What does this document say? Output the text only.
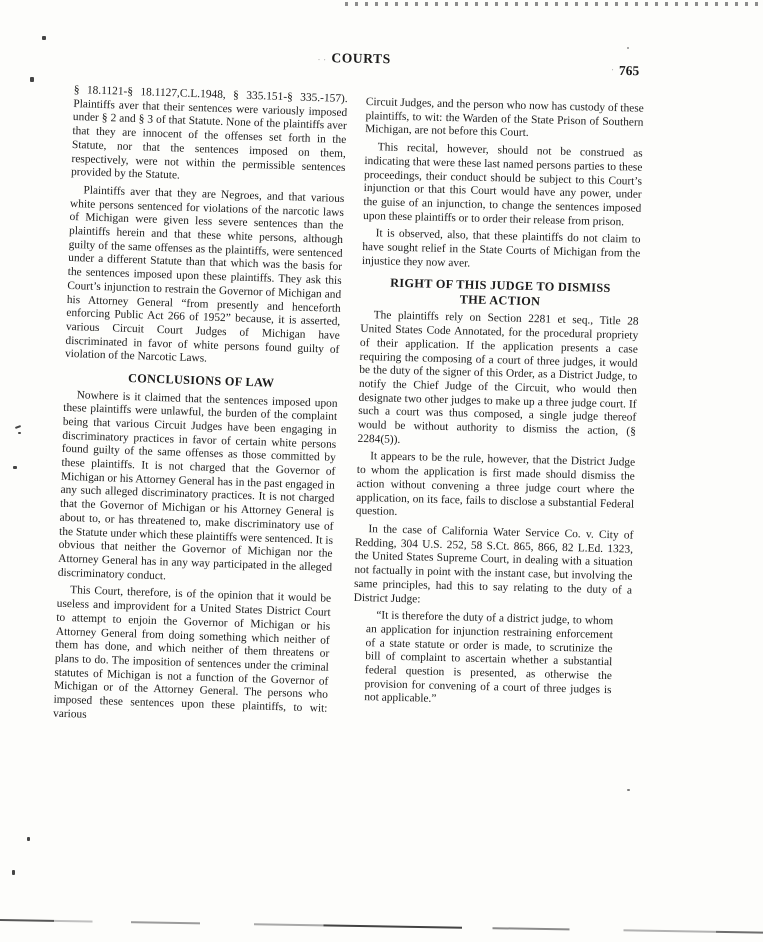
. . COURTS
· 765

§ 18.1121-§ 18.1127,C.L.1948, § 335.151-§ 335.-157). Plaintiffs aver that their sentences were variously imposed under § 2 and § 3 of that Statute. None of the plaintiffs aver that they are innocent of the offenses set forth in the Statute, nor that the sentences imposed on them, respectively, were not within the permissible sentences provided by the Statute.

Plaintiffs aver that they are Negroes, and that various white persons sentenced for violations of the narcotic laws of Michigan were given less severe sentences than the plaintiffs herein and that these white persons, although guilty of the same offenses as the plaintiffs, were sentenced under a different Statute than that which was the basis for the sentences imposed upon these plaintiffs. They ask this Court’s injunction to restrain the Governor of Michigan and his Attorney General “from presently and henceforth enforcing Public Act 266 of 1952” because, it is asserted, various Circuit Court Judges of Michigan have discriminated in favor of white persons found guilty of violation of the Narcotic Laws.

CONCLUSIONS OF LAW

Nowhere is it claimed that the sentences imposed upon these plaintiffs were unlawful, the burden of the complaint being that various Circuit Judges have been engaging in discriminatory practices in favor of certain white persons found guilty of the same offenses as those committed by these plaintiffs. It is not charged that the Governor of Michigan or his Attorney General has in the past engaged in any such alleged discriminatory practices. It is not charged that the Governor of Michigan or his Attorney General is about to, or has threatened to, make discriminatory use of the Statute under which these plaintiffs were sentenced. It is obvious that neither the Governor of Michigan nor the Attorney General has in any way participated in the alleged discriminatory conduct.

This Court, therefore, is of the opinion that it would be useless and improvident for a United States District Court to attempt to enjoin the Governor of Michigan or his Attorney General from doing something which neither of them has done, and which neither of them threatens or plans to do. The imposition of sentences under the criminal statutes of Michigan is not a function of the Governor of Michigan or of the Attorney General. The persons who imposed these sentences upon these plaintiffs, to wit: various

Circuit Judges, and the person who now has custody of these plaintiffs, to wit: the Warden of the State Prison of Southern Michigan, are not before this Court.

This recital, however, should not be construed as indicating that were these last named persons parties to these proceedings, their conduct should be subject to this Court’s injunction or that this Court would have any power, under the guise of an injunction, to change the sentences imposed upon these plaintiffs or to order their release from prison.

It is observed, also, that these plaintiffs do not claim to have sought relief in the State Courts of Michigan from the injustice they now aver.

RIGHT OF THIS JUDGE TO DISMISS
THE ACTION

The plaintiffs rely on Section 2281 et seq., Title 28 United States Code Annotated, for the procedural propriety of their application. If the application presents a case requiring the composing of a court of three judges, it would be the duty of the signer of this Order, as a District Judge, to notify the Chief Judge of the Circuit, who would then designate two other judges to make up a three judge court. If such a court was thus composed, a single judge thereof would be without authority to dismiss the action, (§ 2284(5)).

It appears to be the rule, however, that the District Judge to whom the application is first made should dismiss the action without convening a three judge court where the application, on its face, fails to disclose a substantial Federal question.

In the case of California Water Service Co. v. City of Redding, 304 U.S. 252, 58 S.Ct. 865, 866, 82 L.Ed. 1323, the United States Supreme Court, in dealing with a situation not factually in point with the instant case, but involving the same principles, had this to say relating to the duty of a District Judge:

“It is therefore the duty of a district judge, to whom an application for injunction restraining enforcement of a state statute or order is made, to scrutinize the bill of complaint to ascertain whether a substantial federal question is presented, as otherwise the provision for convening of a court of three judges is not applicable.”
